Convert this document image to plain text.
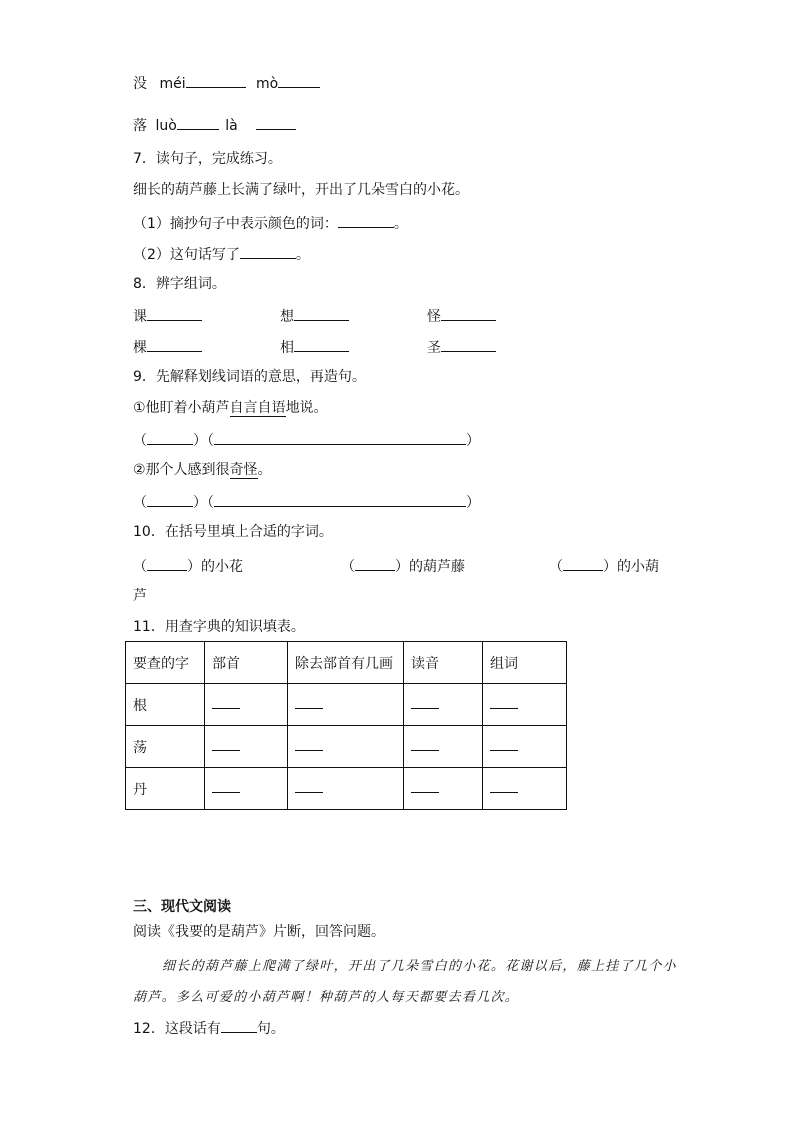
没 méi	mò
落 luò	là
7．读句子，完成练习。
细长的葫芦藤上长满了绿叶，开出了几朵雪白的小花。
（1）摘抄句子中表示颜色的词：	。
（2）这句话写了	。
8．辨字组词。
课	想	怪
棵	相	圣
9．先解释划线词语的意思，再造句。
①他盯着小葫芦自言自语地说。
（	）（	）
②那个人感到很奇怪。
（	）（	）
10．在括号里填上合适的字词。
（	）的小花	（	）的葫芦藤	（	）的小葫
芦
11．用查字典的知识填表。
要查的字	部首	除去部首有几画	读音	组词
根				
荡				
丹				
三、现代文阅读
阅读《我要的是葫芦》片断，回答问题。
细长的葫芦藤上爬满了绿叶，开出了几朵雪白的小花。花谢以后，藤上挂了几个小
葫芦。多么可爱的小葫芦啊！种葫芦的人每天都要去看几次。
12．这段话有	句。
